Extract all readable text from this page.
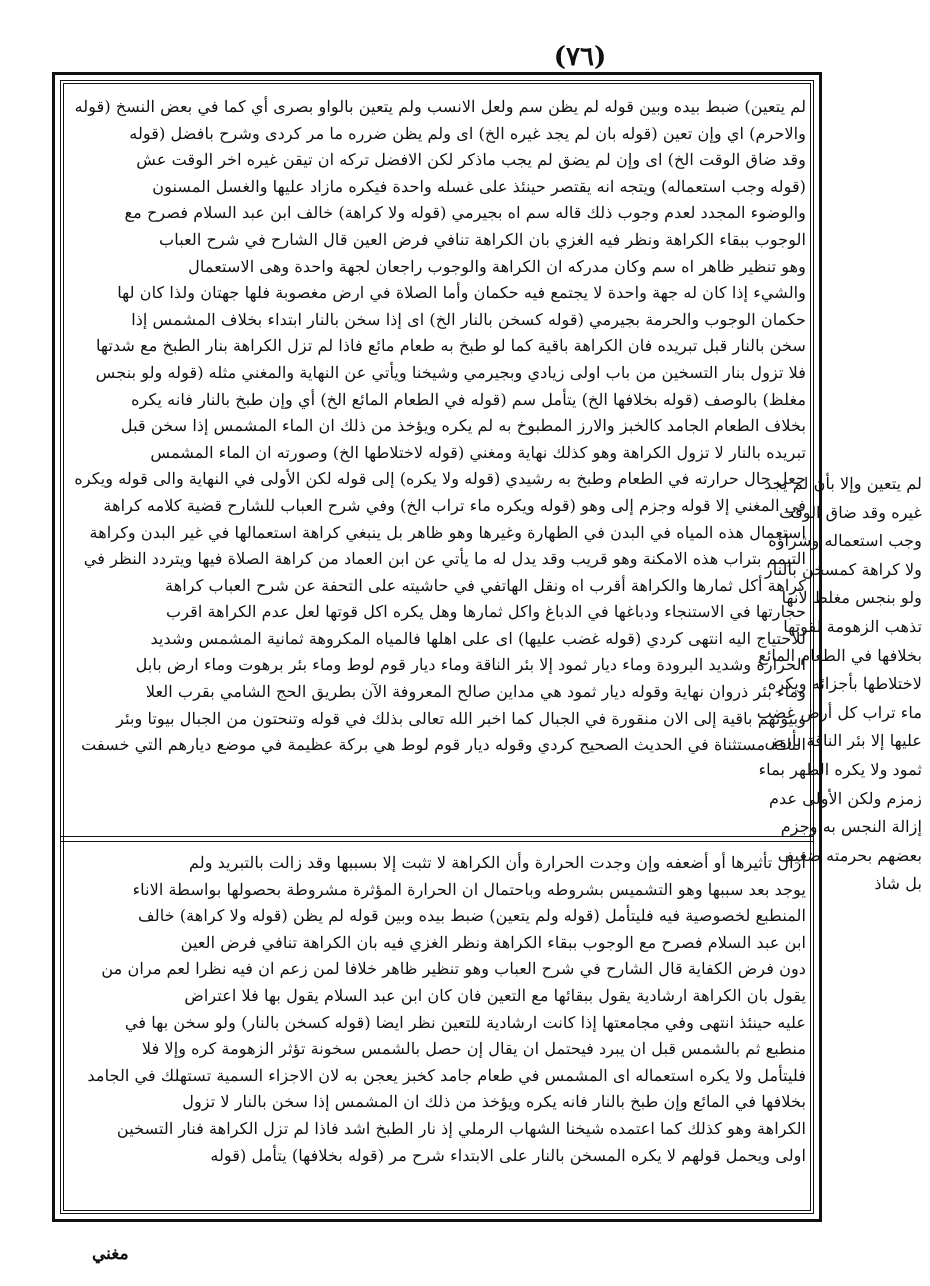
(٧٦)
لم يتعين) ضبط بيده وبين قوله لم يظن سم ولعل الانسب ولم يتعين بالواو بصرى أي كما في بعض النسخ (قوله
والاحرم) اي وإن تعين (قوله بان لم يجد غيره الخ) اى ولم يظن ضرره ما مر كردى وشرح بافضل (قوله
وقد ضاق الوقت الخ) اى وإن لم يضق لم يجب ماذكر لكن الافضل تركه ان تيقن غيره اخر الوقت عش
(قوله وجب استعماله) ويتجه انه يقتصر حينئذ على غسله واحدة فيكره مازاد عليها والغسل المسنون
والوضوء المجدد لعدم وجوب ذلك قاله سم اه بجيرمي (قوله ولا كراهة) خالف ابن عبد السلام فصرح مع
الوجوب ببقاء الكراهة ونظر فيه الغزي بان الكراهة تنافي فرض العين قال الشارح في شرح العباب
وهو تنظير ظاهر اه سم وكان مدركه ان الكراهة والوجوب راجعان لجهة واحدة وهى الاستعمال
والشيء إذا كان له جهة واحدة لا يجتمع فيه حكمان وأما الصلاة في ارض مغصوبة فلها جهتان ولذا كان لها
حكمان الوجوب والحرمة بجيرمي (قوله كسخن بالنار الخ) اى إذا سخن بالنار ابتداء بخلاف المشمس إذا
سخن بالنار قبل تبريده فان الكراهة باقية كما لو طبخ به طعام مائع فاذا لم تزل الكراهة بنار الطبخ مع شدتها
فلا تزول بنار التسخين من باب اولى زيادي وبجيرمي وشيخنا ويأتي عن النهاية والمغني مثله (قوله ولو بنجس
مغلظ) بالوصف (قوله بخلافها الخ) يتأمل سم (قوله في الطعام المائع الخ) أي وإن طبخ بالنار فانه يكره
بخلاف الطعام الجامد كالخبز والارز المطبوخ به لم يكره ويؤخذ من ذلك ان الماء المشمس إذا سخن قبل
تبريده بالنار لا تزول الكراهة وهو كذلك نهاية ومغني (قوله لاختلاطها الخ) وصورته ان الماء المشمس
جعل حال حرارته في الطعام وطبخ به رشيدي (قوله ولا يكره) إلى قوله لكن الأولى في النهاية والى قوله ويكره
في المغني إلا قوله وجزم إلى وهو (قوله ويكره ماء تراب الخ) وفي شرح العباب للشارح قضية كلامه كراهة
استعمال هذه المياه في البدن في الطهارة وغيرها وهو ظاهر بل ينبغي كراهة استعمالها في غير البدن وكراهة
التيمم بتراب هذه الامكنة وهو قريب وقد يدل له ما يأتي عن ابن العماد من كراهة الصلاة فيها ويتردد النظر في
كراهة أكل ثمارها والكراهة أقرب اه ونقل الهاتفي في حاشيته على التحفة عن شرح العباب كراهة
حجارتها في الاستنجاء ودباغها في الدباغ واكل ثمارها وهل يكره اكل قوتها لعل عدم الكراهة اقرب
للاحتياج اليه انتهى كردي (قوله غضب عليها) اى على اهلها فالمياه المكروهة ثمانية المشمس وشديد
الحرارة وشديد البرودة وماء ديار ثمود إلا بئر الناقة وماء ديار قوم لوط وماء بئر برهوت وماء ارض بابل
وماء بئر ذروان نهاية وقوله ديار ثمود هي مداين صالح المعروفة الآن بطريق الحج الشامي بقرب العلا
وبيوتهم باقية إلى الان منقورة في الجبال كما اخبر الله تعالى بذلك في قوله وتنحتون من الجبال بيوتا وبئر
الناقة مستثناة في الحديث الصحيح كردي وقوله ديار قوم لوط هي بركة عظيمة في موضع ديارهم التي خسفت
أزال تأثيرها أو أضعفه وإن وجدت الحرارة وأن الكراهة لا تثبت إلا بسببها وقد زالت بالتبريد ولم
يوجد بعد سببها وهو التشميس بشروطه وباحتمال ان الحرارة المؤثرة مشروطة بحصولها بواسطة الاناء
المنطبع لخصوصية فيه فليتأمل (قوله ولم يتعين) ضبط بيده وبين قوله لم يظن (قوله ولا كراهة) خالف
ابن عبد السلام فصرح مع الوجوب ببقاء الكراهة ونظر الغزي فيه بان الكراهة تنافي فرض العين
دون فرض الكفاية قال الشارح في شرح العباب وهو تنظير ظاهر خلافا لمن زعم ان فيه نظرا لعم مران من
يقول بان الكراهة ارشادية يقول ببقائها مع التعين فان كان ابن عبد السلام يقول بها فلا اعتراض
عليه حينئذ انتهى وفي مجامعتها إذا كانت ارشادية للتعين نظر ايضا (قوله كسخن بالنار) ولو سخن بها في
منطبع ثم بالشمس قبل ان يبرد فيحتمل ان يقال إن حصل بالشمس سخونة تؤثر الزهومة كره وإلا فلا
فليتأمل ولا يكره استعماله اى المشمس في طعام جامد كخبز يعجن به لان الاجزاء السمية تستهلك في الجامد
بخلافها في المائع وإن طبخ بالنار فانه يكره ويؤخذ من ذلك ان المشمس إذا سخن بالنار لا تزول
الكراهة وهو كذلك كما اعتمده شيخنا الشهاب الرملي إذ نار الطبخ اشد فاذا لم تزل الكراهة فنار التسخين
اولى ويحمل قولهم لا يكره المسخن بالنار على الابتداء شرح مر (قوله بخلافها) يتأمل (قوله
لم يتعين وإلا بأن لم يجد
غيره وقد ضاق الوقت
وجب استعماله وشراؤه
ولا كراهة كمسخن بالنار
ولو بنجس مغلظ لأنها
تذهب الزهومة لقوتها
بخلافها في الطعام المائع
لاختلاطها بأجزائه ويكره
ماء تراب كل أرض غضب
عليها إلا بئر الناقة بأرض
ثمود ولا يكره الطهر بماء
زمزم ولكن الأولى عدم
إزالة النجس به وجزم
بعضهم بحرمته ضعيف
بل شاذ
مغني
